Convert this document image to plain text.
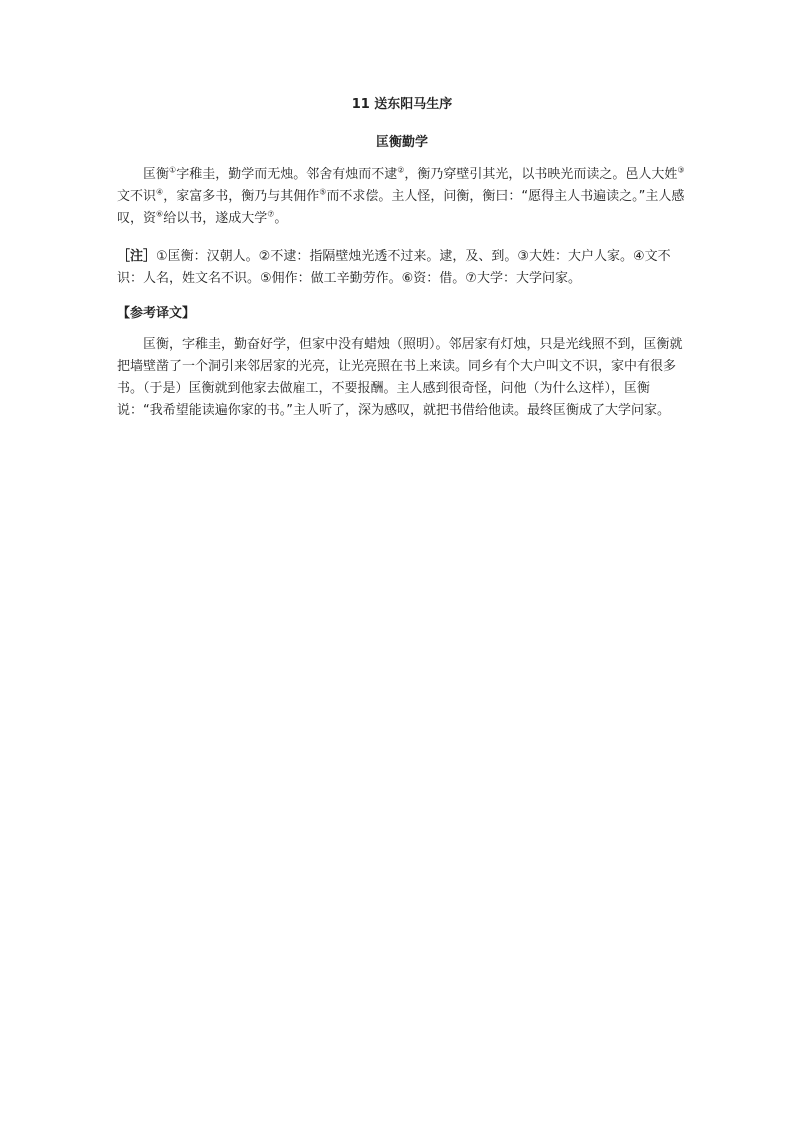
11 送东阳马生序
匡衡勤学

匡衡①字稚圭，勤学而无烛。邻舍有烛而不逮②，衡乃穿壁引其光，以书映光而读之。邑人大姓③文不识④，家富多书，衡乃与其佣作⑤而不求偿。主人怪，问衡，衡曰：“愿得主人书遍读之。”主人感叹，资⑥给以书，遂成大学⑦。

［注］①匡衡：汉朝人。②不逮：指隔壁烛光透不过来。逮，及、到。③大姓：大户人家。④文不识：人名，姓文名不识。⑤佣作：做工辛勤劳作。⑥资：借。⑦大学：大学问家。

【参考译文】

匡衡，字稚圭，勤奋好学，但家中没有蜡烛（照明）。邻居家有灯烛，只是光线照不到，匡衡就把墙壁凿了一个洞引来邻居家的光亮，让光亮照在书上来读。同乡有个大户叫文不识，家中有很多书。（于是）匡衡就到他家去做雇工，不要报酬。主人感到很奇怪，问他（为什么这样），匡衡说：“我希望能读遍你家的书。”主人听了，深为感叹，就把书借给他读。最终匡衡成了大学问家。
